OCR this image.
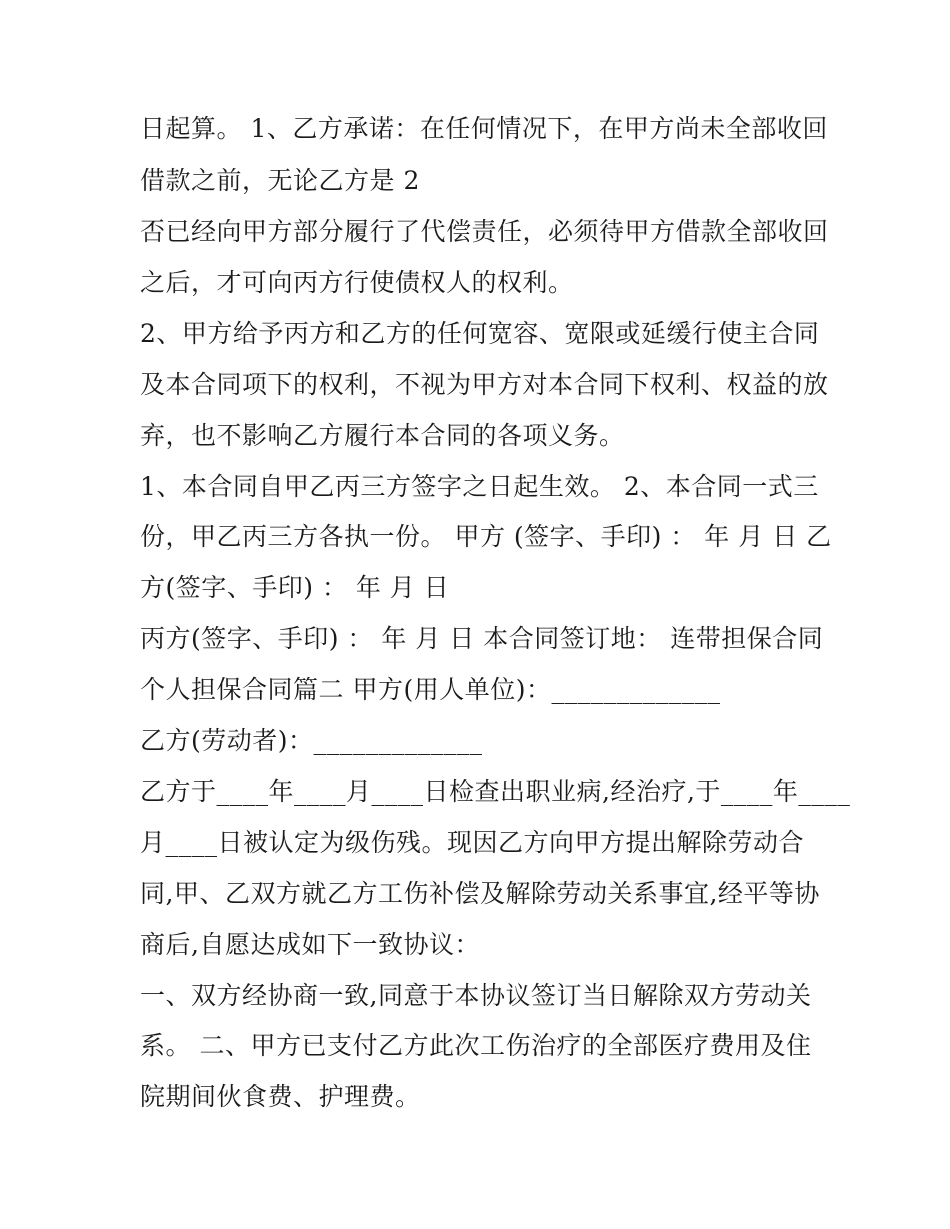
日起算。 1、乙方承诺：在任何情况下，在甲方尚未全部收回
借款之前，无论乙方是 2
否已经向甲方部分履行了代偿责任，必须待甲方借款全部收回
之后，才可向丙方行使债权人的权利。
2、甲方给予丙方和乙方的任何宽容、宽限或延缓行使主合同
及本合同项下的权利，不视为甲方对本合同下权利、权益的放
弃，也不影响乙方履行本合同的各项义务。
1、本合同自甲乙丙三方签字之日起生效。 2、本合同一式三
份，甲乙丙三方各执一份。 甲方 (签字、手印) ： 年 月 日 乙
方(签字、手印) ： 年 月 日
丙方(签字、手印) ： 年 月 日 本合同签订地： 连带担保合同
个人担保合同篇二 甲方(用人单位)：_____________
乙方(劳动者)：_____________
乙方于____年____月____日检查出职业病,经治疗,于____年____
月____日被认定为级伤残。现因乙方向甲方提出解除劳动合
同,甲、乙双方就乙方工伤补偿及解除劳动关系事宜,经平等协
商后,自愿达成如下一致协议：
一、双方经协商一致,同意于本协议签订当日解除双方劳动关
系。 二、甲方已支付乙方此次工伤治疗的全部医疗费用及住
院期间伙食费、护理费。
